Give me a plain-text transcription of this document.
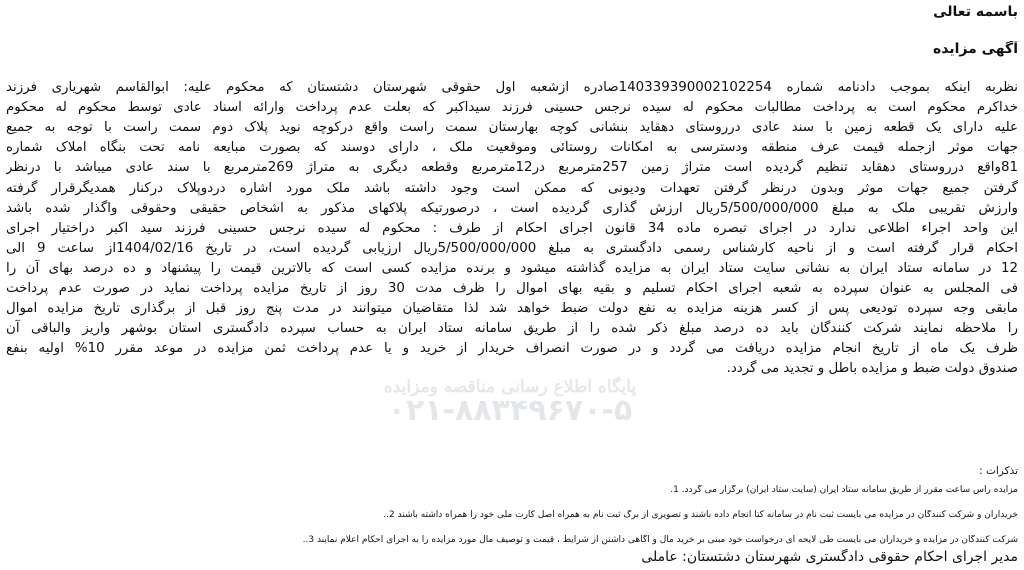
باسمه تعالی
آگهی مزایده
نظربه اینکه بموجب دادنامه شماره 140339390002102254صادره ازشعبه اول حقوقی شهرستان دشتستان که محکوم علیه: ابوالقاسم شهریاری فرزند
خداکرم محکوم است به پرداخت مطالبات محکوم له سیده نرجس حسینی فرزند سیداکبر که بعلت عدم پرداخت وارائه اسناد عادی توسط محکوم له محکوم
علیه دارای یک قطعه زمین با سند عادی درروستای دهقاید بنشانی کوچه بهارستان سمت راست واقع درکوچه نوید پلاک دوم سمت راست با توجه به جمیع
جهات موثر ازجمله قیمت عرف منطقه ودسترسی به امکانات روستائی وموقعیت ملک ، دارای دوسند که بصورت مبایعه نامه تحت بنگاه املاک شماره
81واقع درروستای دهقاید تنظیم گردیده است متراژ زمین 257مترمربع در12مترمربع وقطعه دیگری به متراژ 269مترمربع با سند عادی میباشد با درنظر
گرفتن جمیع جهات موثر وبدون درنظر گرفتن تعهدات ودیونی که ممکن است وجود داشته باشد ملک مورد اشاره دردوپلاک درکنار همدیگرقرار گرفته
وارزش تقریبی ملک به مبلغ 5/500/000/000ریال ارزش گذاری گردیده است ، درصورتیکه پلاکهای مذکور به اشخاص حقیقی وحقوقی واگذار شده باشد
این واحد اجراء اطلاعی ندارد در اجرای تبصره ماده 34 قانون اجرای احکام از طرف : محکوم له سیده نرجس حسینی فرزند سید اکبر دراختیار اجرای
احکام قرار گرفته است و از ناحیه کارشناس رسمی دادگستری به مبلغ 5/500/000/000ریال ارزیابی گردیده است، در تاریخ 1404/02/16از ساعت 9 الی
12 در سامانه ستاد ایران به نشانی سایت ستاد ایران به مزایده گذاشته میشود و برنده مزایده کسی است که بالاترین قیمت را پیشنهاد و ده درصد بهای آن را
فی المجلس به عنوان سپرده به شعبه اجرای احکام تسلیم و بقیه بهای اموال را ظرف مدت 30 روز از تاریخ مزایده پرداخت نماید در صورت عدم پرداخت
مابقی وجه سپرده تودیعی پس از کسر هزینه مزایده به نفع دولت ضبط خواهد شد لذا متقاضیان میتوانند در مدت پنج روز قبل از برگذاری تاریخ مزایده اموال
را ملاحظه نمایند شرکت کنندگان باید ده درصد مبلغ ذکر شده را از طریق سامانه ستاد ایران به حساب سپرده دادگستری استان بوشهر واریز والباقی آن
ظرف یک ماه از تاریخ انجام مزایده دریافت می گردد و در صورت انصراف خریدار از خرید و یا عدم پرداخت ثمن مزایده در موعد مقرر 10% اولیه بنفع
صندوق دولت ضبط و مزایده باطل و تجدید می گردد.
پایگاه اطلاع رسانی مناقصه ومزایده
۰۲۱-۸۸۳۴۹۶۷۰-۵
تذکرات :
مزایده رأس ساعت مقرر از طریق سامانه ستاد ایران (سایت ستاد ایران) برگزار می گردد. 1.
خریداران و شرکت کنندگان در مزایده می بایست ثبت نام در سامانه کتا انجام داده باشند و تصویری از برگ ثبت نام به همراه اصل کارت ملی خود را همراه داشته باشند 2..
شرکت کنندگان در مزایده و خریداران می بایست طی لایحه ای درخواست خود مبنی بر خرید مال و آگاهی داشتن از شرایط ، قیمت و توصیف مال مورد مزایده را به اجرای احکام اعلام نمایند 3..
مدیر اجرای احکام حقوقی دادگستری شهرستان دشتستان: عاملی
